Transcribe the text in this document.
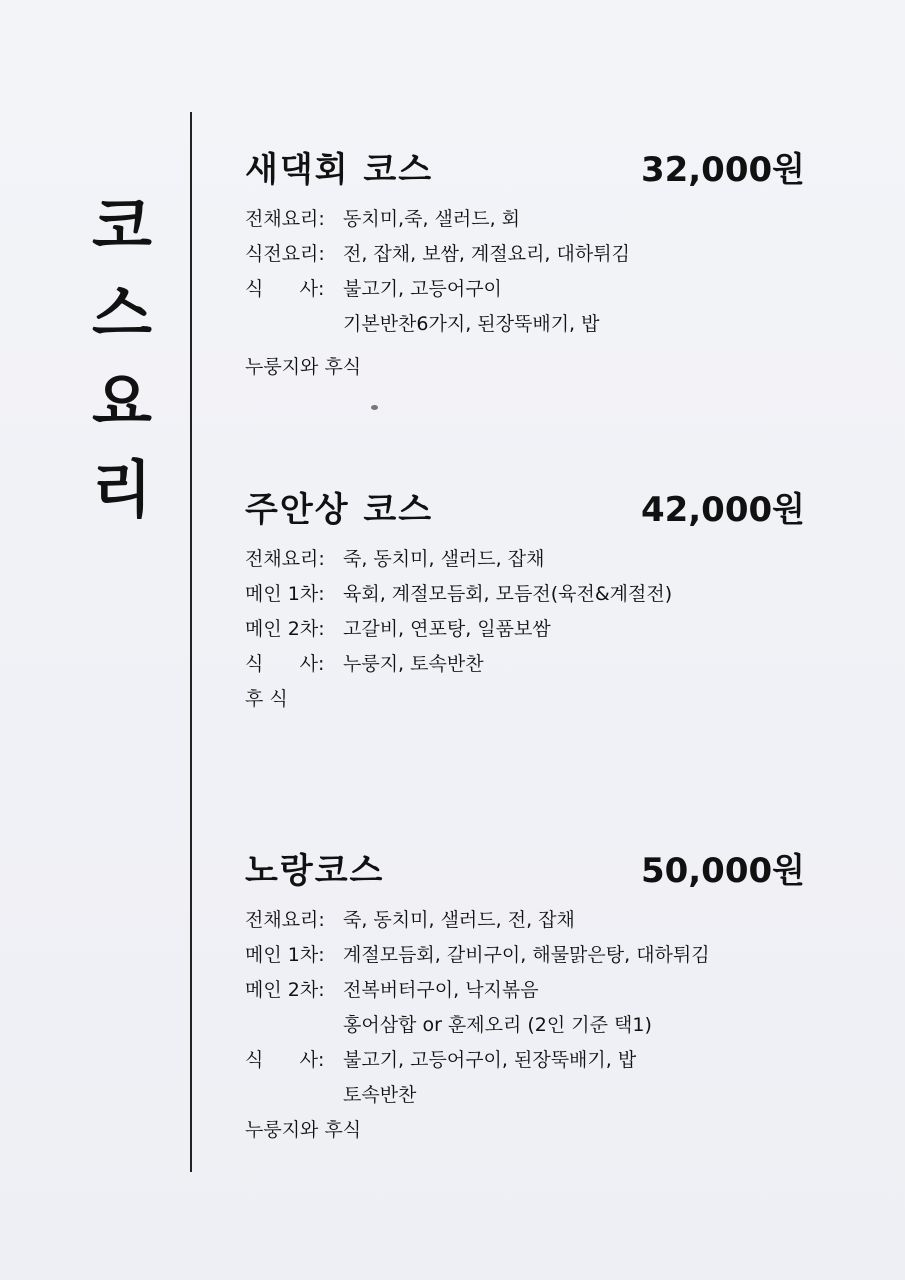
코
스
요
리
새댁회 코스	32,000원
전채요리: 동치미,죽, 샐러드, 회
식전요리: 전, 잡채, 보쌈, 계절요리, 대하튀김
식      사: 불고기, 고등어구이
기본반찬6가지, 된장뚝배기, 밥
누룽지와 후식
주안상 코스	42,000원
전채요리: 죽, 동치미, 샐러드, 잡채
메인 1차: 육회, 계절모듬회, 모듬전(육전&계절전)
메인 2차: 고갈비, 연포탕, 일품보쌈
식      사: 누룽지, 토속반찬
후 식
노랑코스	50,000원
전채요리: 죽, 동치미, 샐러드, 전, 잡채
메인 1차: 계절모듬회, 갈비구이, 해물맑은탕, 대하튀김
메인 2차: 전복버터구이, 낙지볶음
홍어삼합 or 훈제오리 (2인 기준 택1)
식      사: 불고기, 고등어구이, 된장뚝배기, 밥
토속반찬
누룽지와 후식
